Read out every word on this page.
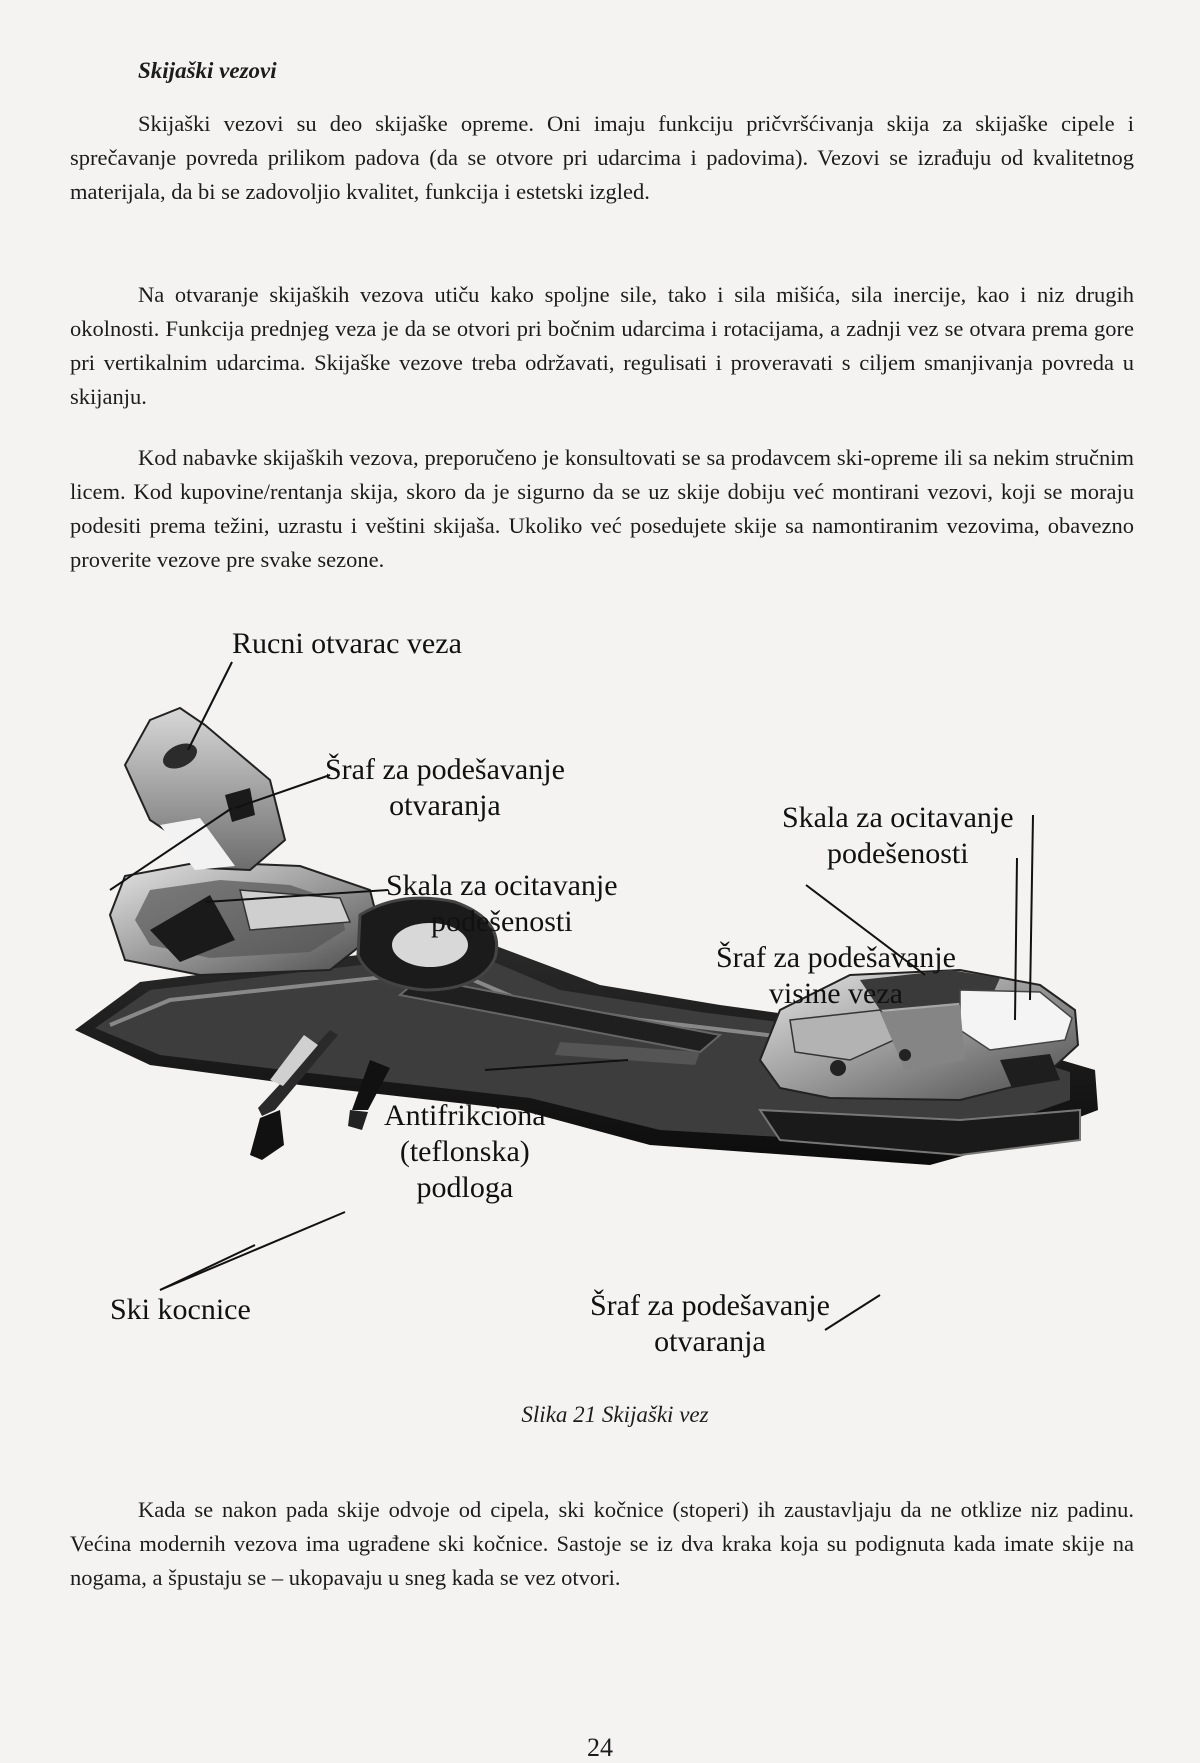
Skijaški vezovi

Skijaški vezovi su deo skijaške opreme. Oni imaju funkciju pričvršćivanja skija za skijaške cipele i sprečavanje povreda prilikom padova (da se otvore pri udarcima i padovima). Vezovi se izrađuju od kvalitetnog materijala, da bi se zadovoljio kvalitet, funkcija i estetski izgled.

Na otvaranje skijaških vezova utiču kako spoljne sile, tako i sila mišića, sila inercije, kao i niz drugih okolnosti. Funkcija prednjeg veza je da se otvori pri bočnim udarcima i rotacijama, a zadnji vez se otvara prema gore pri vertikalnim udarcima. Skijaške vezove treba održavati, regulisati i proveravati s ciljem smanjivanja povreda u skijanju.

Kod nabavke skijaških vezova, preporučeno je konsultovati se sa prodavcem ski-opreme ili sa nekim stručnim licem. Kod kupovine/rentanja skija, skoro da je sigurno da se uz skije dobiju već montirani vezovi, koji se moraju podesiti prema težini, uzrastu i veštini skijaša. Ukoliko već posedujete skije sa namontiranim vezovima, obavezno proverite vezove pre svake sezone.

Rucni otvarac veza
Šraf za podešavanje
otvaranja
Skala za ocitavanje
podešenosti
Skala za ocitavanje
podešenosti
Šraf za podešavanje
visine veza
Antifrikciona
(teflonska)
podloga
Ski kocnice	Šraf za podešavanje
otvaranja

Slika 21 Skijaški vez

Kada se nakon pada skije odvoje od cipela, ski kočnice (stoperi) ih zaustavljaju da ne otklize niz padinu. Većina modernih vezova ima ugrađene ski kočnice. Sastoje se iz dva kraka koja su podignuta kada imate skije na nogama, a špustaju se – ukopavaju u sneg kada se vez otvori.

24
